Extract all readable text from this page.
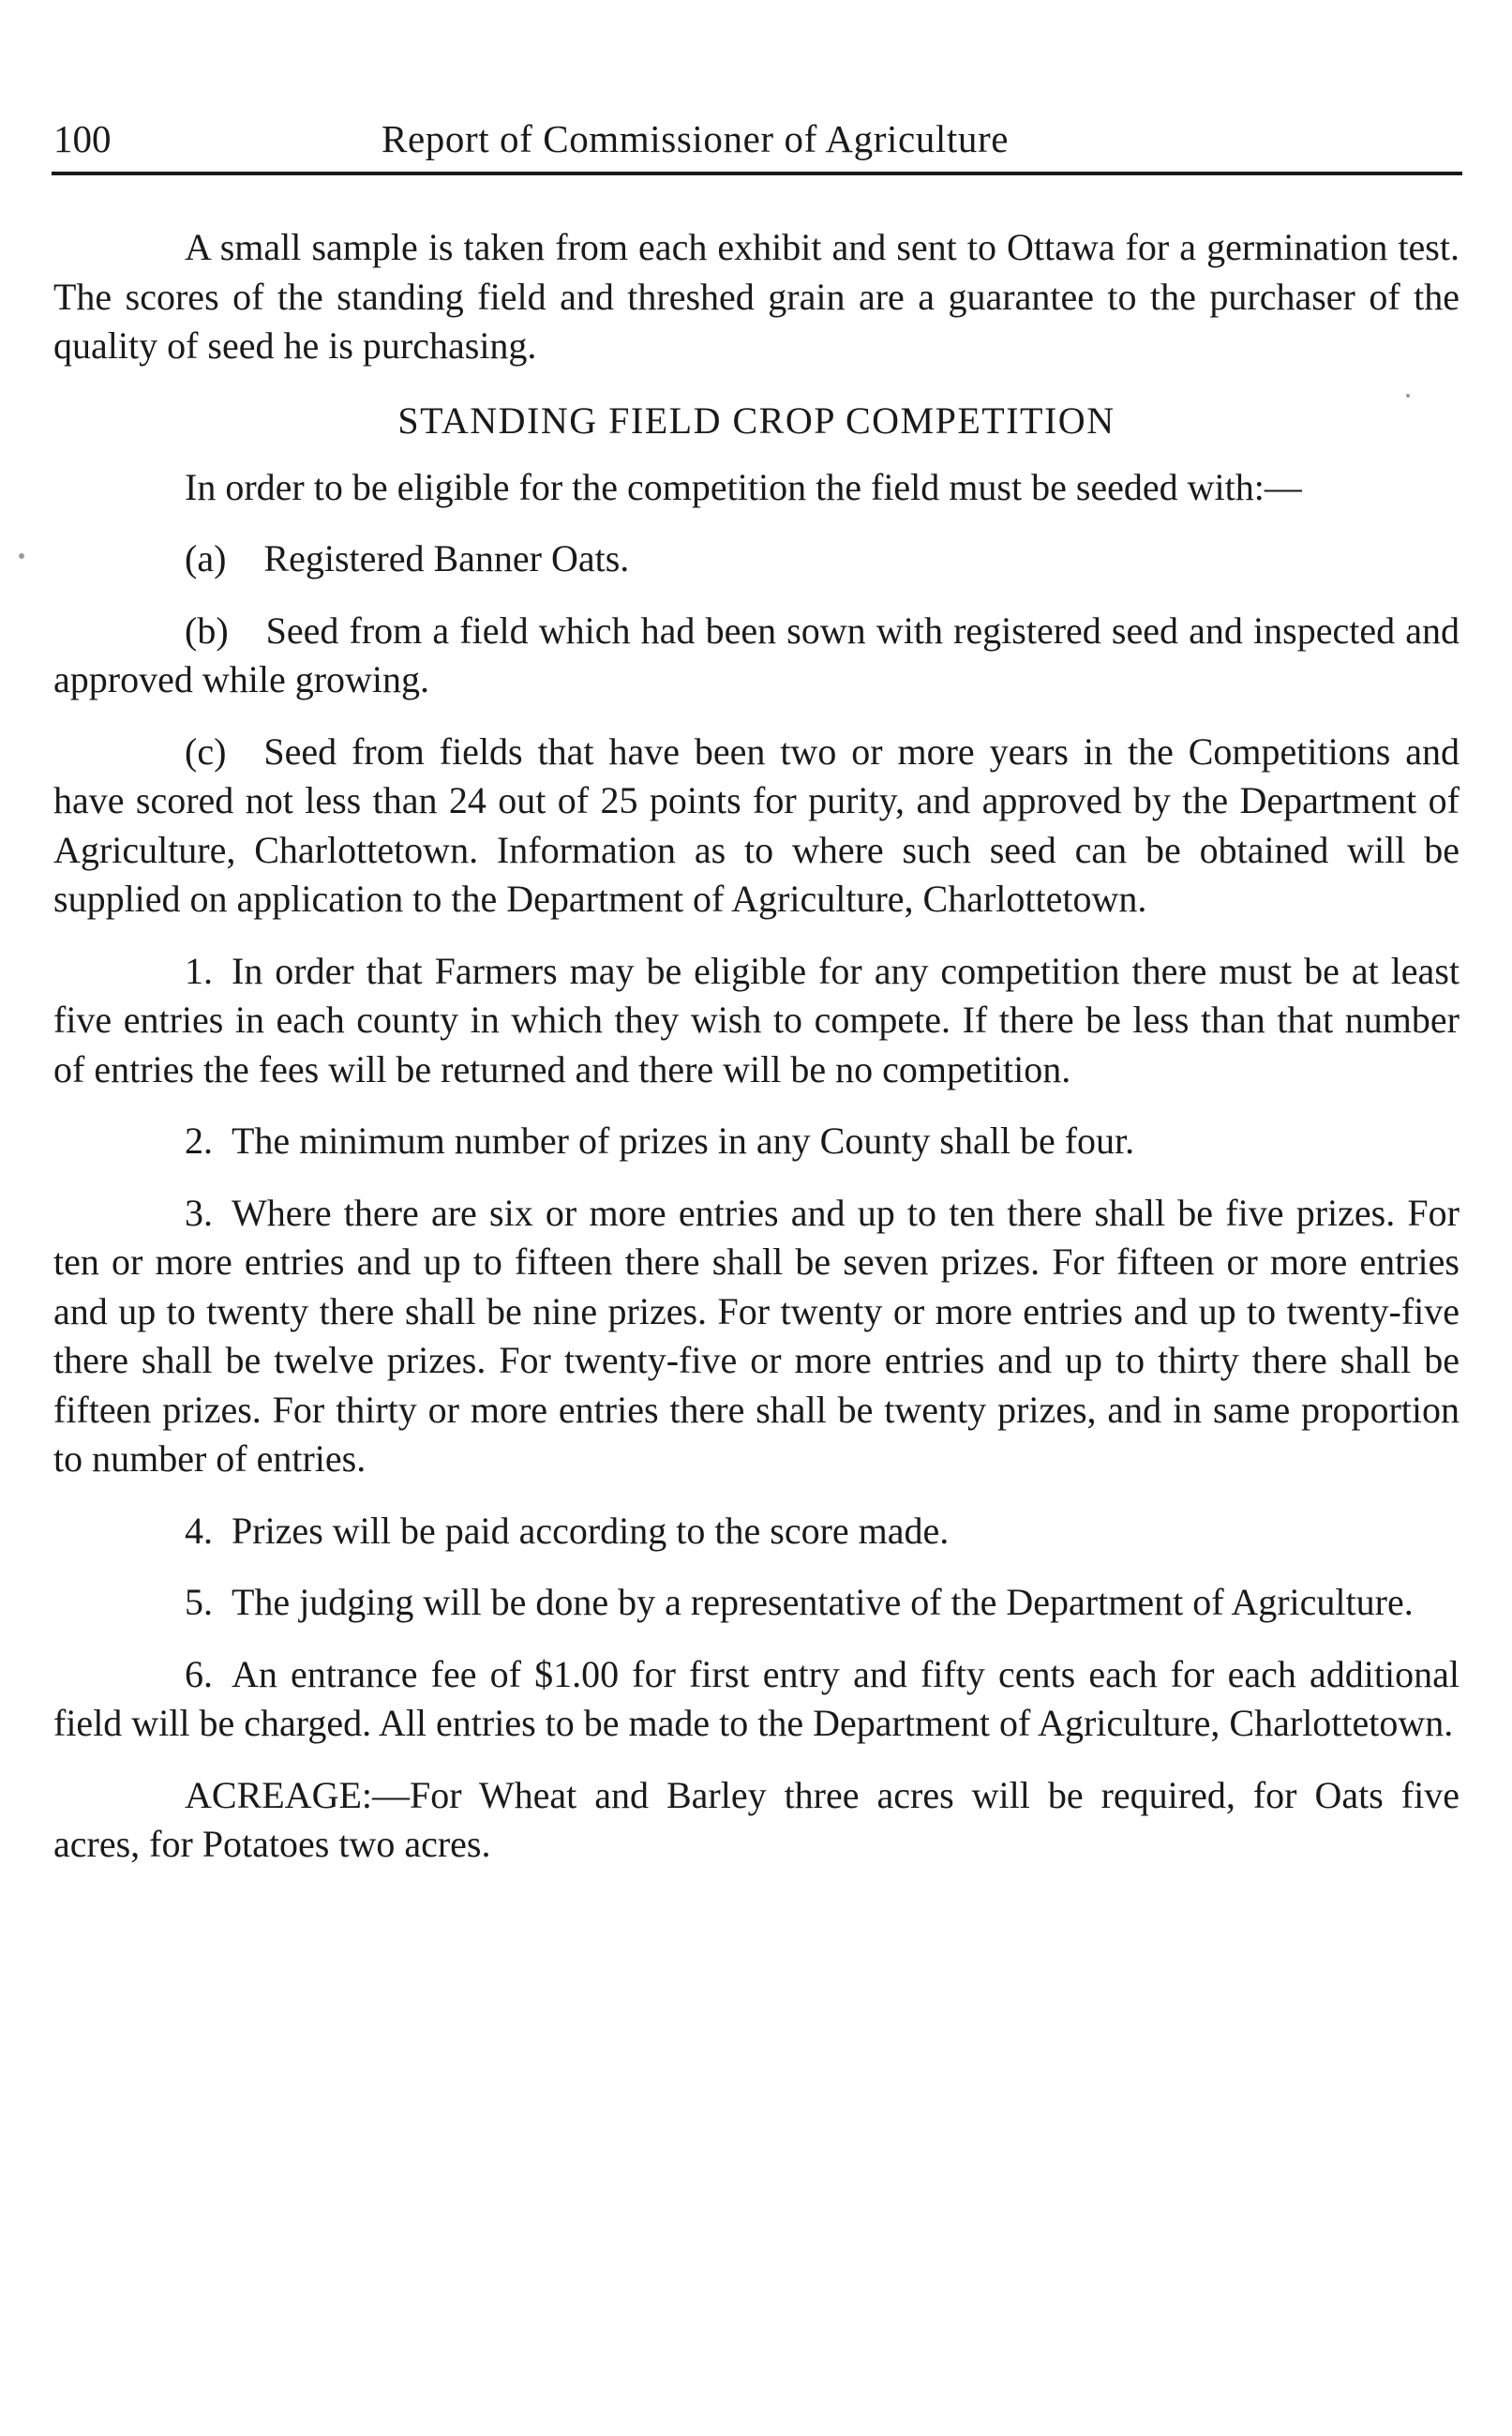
100	Report of Commissioner of Agriculture

A small sample is taken from each exhibit and sent to Ottawa for a germination test. The scores of the standing field and threshed grain are a guarantee to the purchaser of the quality of seed he is purchasing.

STANDING FIELD CROP COMPETITION

In order to be eligible for the competition the field must be seeded with:—

(a) Registered Banner Oats.

(b) Seed from a field which had been sown with registered seed and inspected and approved while growing.

(c) Seed from fields that have been two or more years in the Competitions and have scored not less than 24 out of 25 points for purity, and approved by the Department of Agriculture, Charlottetown. Information as to where such seed can be obtained will be supplied on application to the Department of Agriculture, Charlottetown.

1. In order that Farmers may be eligible for any competition there must be at least five entries in each county in which they wish to compete. If there be less than that number of entries the fees will be returned and there will be no competition.

2. The minimum number of prizes in any County shall be four.

3. Where there are six or more entries and up to ten there shall be five prizes. For ten or more entries and up to fifteen there shall be seven prizes. For fifteen or more entries and up to twenty there shall be nine prizes. For twenty or more entries and up to twenty-five there shall be twelve prizes. For twenty-five or more entries and up to thirty there shall be fifteen prizes. For thirty or more entries there shall be twenty prizes, and in same proportion to number of entries.

4. Prizes will be paid according to the score made.

5. The judging will be done by a representative of the Department of Agriculture.

6. An entrance fee of $1.00 for first entry and fifty cents each for each additional field will be charged. All entries to be made to the Department of Agriculture, Charlottetown.

ACREAGE:—For Wheat and Barley three acres will be required, for Oats five acres, for Potatoes two acres.
